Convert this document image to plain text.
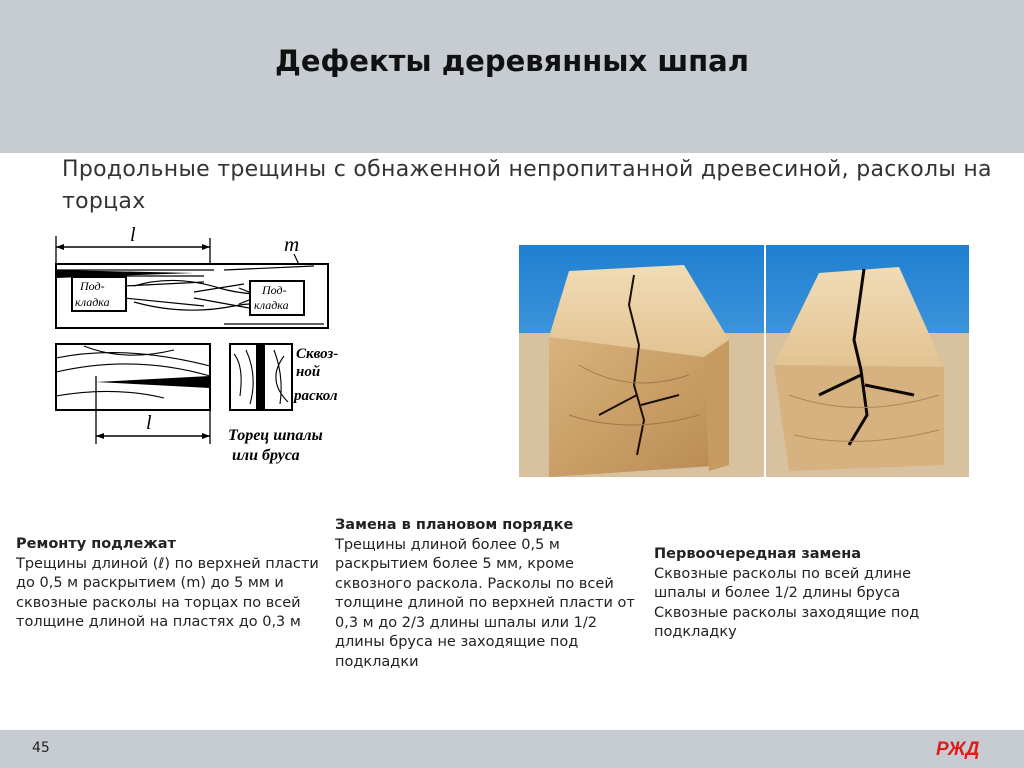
Дефекты деревянных шпал
Продольные трещины с обнаженной непропитанной древесиной, расколы на торцах
l	m
Под-
кладка
Под-
кладка
l
Сквоз-
ной
раскол
Торец шпалы
или бруса
Ремонту подлежат
Трещины длиной (ℓ) по верхней пласти до 0,5 м раскрытием (m) до 5 мм и сквозные расколы на торцах по всей толщине длиной на пластях до 0,3 м
Замена в плановом порядке
Трещины длиной более 0,5 м раскрытием более 5 мм, кроме сквозного раскола. Расколы по всей толщине длиной по верхней пласти от 0,3 м до 2/3 длины шпалы или 1/2 длины бруса не заходящие под подкладки
Первоочередная замена
Сквозные расколы по всей длине шпалы и более 1/2 длины бруса Сквозные расколы заходящие под подкладку
45	РЖД
